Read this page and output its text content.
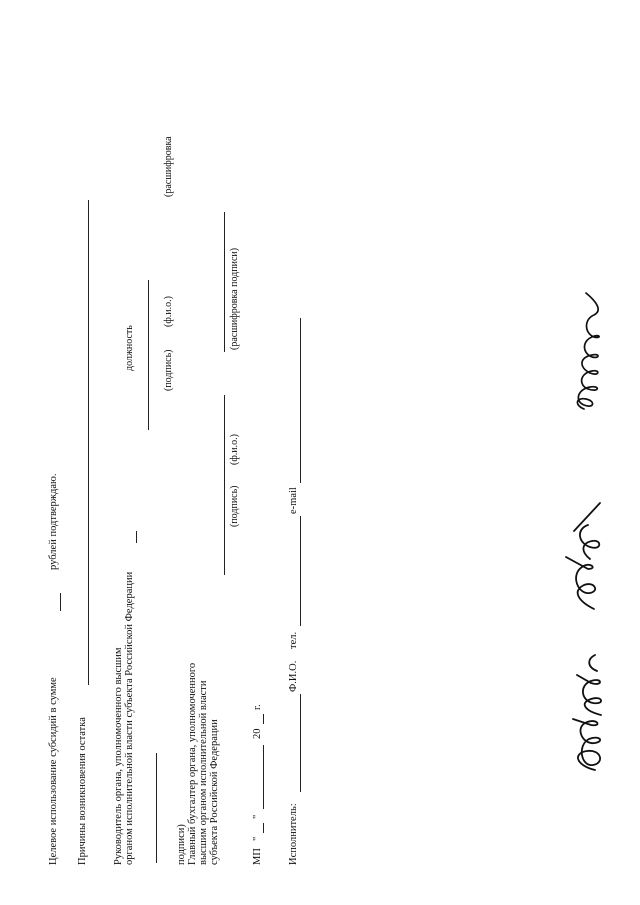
Целевое использование субсидий в сумме
рублей подтверждаю.
Причины возникновения остатка Руководитель органа, уполномоченного высшим органом исполнительной власти субъекта Российской Федерации
должность	(подпись)
(ф.и.о.)
(расшифровка
подписи) Главный бухгалтер органа, уполномоченного высшим органом исполнительной власти субъекта Российской Федерации
(подпись)
(ф.и.о.)
(расшифровка подписи)
МП
"
"
20
г.
Исполнитель:
Ф.И.О.
тел.
e-mail
